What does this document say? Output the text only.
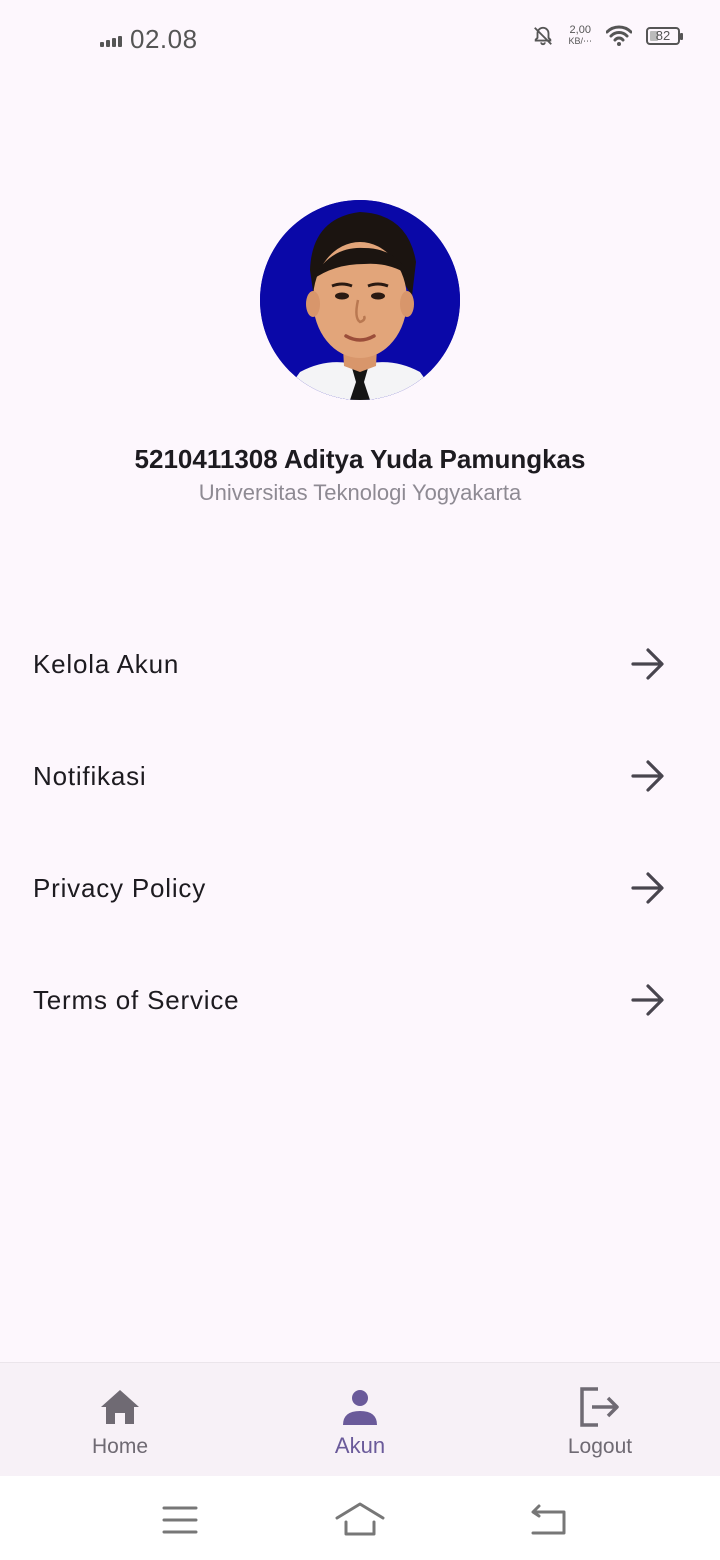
02.08	2,00
KB/⋯	82
5210411308 Aditya Yuda Pamungkas
Universitas Teknologi Yogyakarta
Kelola Akun
Notifikasi
Privacy Policy
Terms of Service
Home	Akun	Logout
